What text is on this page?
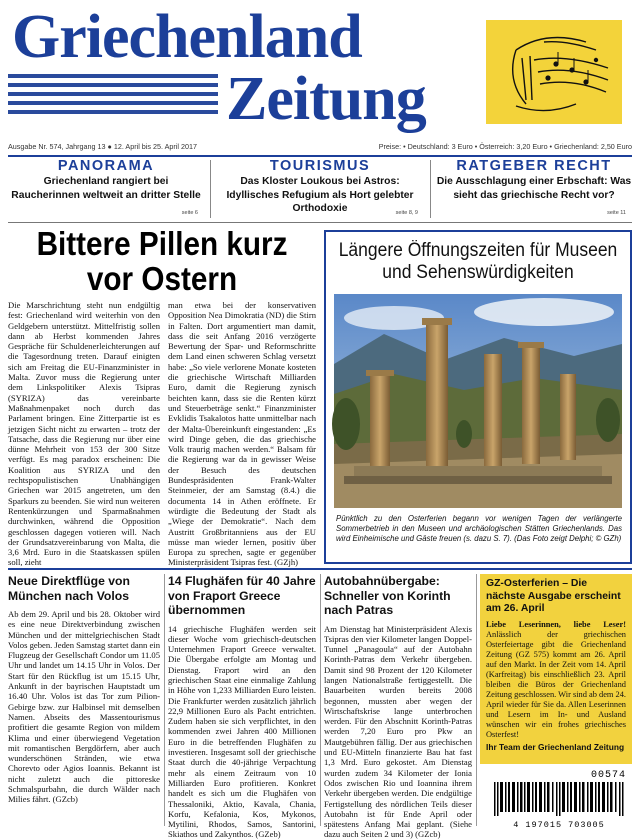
Griechenland
Zeitung
Ausgabe Nr. 574, Jahrgang 13 ● 12. April bis 25. April 2017	Preise: • Deutschland: 3 Euro • Österreich: 3,20 Euro • Griechenland: 2,50 Euro
PANORAMA
Griechenland rangiert bei Raucherinnen weltweit an dritter Stelle
seite 6
TOURISMUS
Das Kloster Loukous bei Astros: Idyllisches Refugium als Hort gelebter Orthodoxie	seite 8, 9
RATGEBER RECHT
Die Ausschlagung einer Erbschaft: Was sieht das griechische Recht vor?
seite 11
Bittere Pillen kurz vor Ostern
Die Marschrichtung steht nun endgültig fest: Griechenland wird weiterhin von den Geldgebern unterstützt. Mittelfristig sollen dann ab Herbst kommenden Jahres Gespräche für Schuldenerleichterungen auf die Tagesordnung treten. Darauf einigten sich am Freitag die EU-Finanzminister in Malta. Zuvor muss die Regierung unter dem Linkspolitiker Alexis Tsipras (SYRIZA) das vereinbarte Maßnahmenpaket noch durch das Parlament bringen. Eine Zitterpartie ist es jetzigen Sicht nicht zu erwarten – trotz der Tatsache, dass die Regierung nur über eine dünne Mehrheit von 153 der 300 Sitze verfügt. Es mag paradox erscheinen: Die Koalition aus SYRIZA und den rechtspopulistischen Unabhängigen Griechen war 2015 angetreten, um den Sparkurs zu beenden. Sie wird nun weiteren Rentenkürzungen und Sparmaßnahmen durchwinken, während die Opposition geschlossen dagegen votieren will. Nach der Grundsatzvereinbarung von Malta, die 3,6 Mrd. Euro in die Staatskassen spülen soll, zieht
man etwa bei der konservativen Opposition Nea Dimokratia (ND) die Stirn in Falten. Dort argumentiert man damit, dass die seit Anfang 2016 verzögerte Bewertung der Spar- und Reformschritte dem Land einen schweren Schlag versetzt habe: „So viele verlorene Monate kosteten die griechische Wirtschaft Milliarden Euro, damit die Regierung zynisch beichten kann, dass sie die Renten kürzt und Steuerbeträge senkt.“ Finanzminister Evklidis Tsakalotos hatte unmittelbar nach der Malta-Übereinkunft eingestanden: „Es wird Dinge geben, die das griechische Volk traurig machen werden.“ Balsam für die Regierung war da in gewisser Weise der Besuch des deutschen Bundespräsidenten Frank-Walter Steinmeier, der am Samstag (8.4.) die documenta 14 in Athen eröffnete. Er würdigte die Bedeutung der Stadt als „Wiege der Demokratie“. Nach dem Austritt Großbritanniens aus der EU müsse man wieder lernen, positiv über Europa zu sprechen, sagte er gegenüber Ministerpräsident Tsipras fest. (GZjh)
Längere Öffnungszeiten für Museen und Sehenswürdigkeiten
Pünktlich zu den Osterferien begann vor wenigen Tagen der verlängerte Sommerbetrieb in den Museen und archäologischen Stätten Griechenlands. Das wird Einheimische und Gäste freuen (s. dazu S. 7). (Das Foto zeigt Delphi; © GZh)
Neue Direktflüge von München nach Volos
Ab dem 29. April und bis 28. Oktober wird es eine neue Direktverbindung zwischen München und der mittelgriechischen Stadt Volos geben. Jeden Samstag startet dann ein Flugzeug der Gesellschaft Condor um 11.05 Uhr und landet um 14.15 Uhr in Volos. Der Start für den Rückflug ist um 15.15 Uhr, Ankunft in der bayrischen Hauptstadt um 16.40 Uhr. Volos ist das Tor zum Pilion-Gebirge bzw. zur Halbinsel mit demselben Namen. Abseits des Massentourismus profitiert die gesamte Region von mildem Klima und einer überwiegend Vegetation mit romantischen Bergdörfern, aber auch wunderschönen Stränden, wie etwa Chorevto oder Agios Ioannis. Bekannt ist nicht zuletzt auch die pittoreske Schmalspurbahn, die durch Wälder nach Milies fährt. (GZcb)
14 Flughäfen für 40 Jahre von Fraport Greece übernommen
14 griechische Flughäfen werden seit dieser Woche vom griechisch-deutschen Unternehmen Fraport Greece verwaltet. Die Übergabe erfolgte am Montag und Dienstag. Fraport wird an den griechischen Staat eine einmalige Zahlung in Höhe von 1,233 Milliarden Euro leisten. Die Frankfurter werden zusätzlich jährlich 22,9 Millionen Euro als Pacht entrichten. Zudem haben sie sich verpflichtet, in den kommenden zwei Jahren 400 Millionen Euro in die betreffenden Flughäfen zu investieren. Insgesamt soll der griechische Staat durch die 40-jährige Verpachtung mehr als einem Zeitraum von 10 Milliarden Euro profitieren. Konkret handelt es sich um die Flughäfen von Thessaloniki, Aktio, Kavala, Chania, Korfu, Kefalonia, Kos, Mykonos, Mytilini, Rhodos, Samos, Santorini, Skiathos und Zakynthos. (GZeb)
Autobahnübergabe: Schneller von Korinth nach Patras
Am Dienstag hat Ministerpräsident Alexis Tsipras den vier Kilometer langen Doppel-Tunnel „Panagoula“ auf der Autobahn Korinth-Patras dem Verkehr übergeben. Damit sind 98 Prozent der 120 Kilometer langen Nationalstraße fertiggestellt. Die Bauarbeiten wurden bereits 2008 begonnen, mussten aber wegen der Wirtschaftskrise lange unterbrochen werden. Für den Abschnitt Korinth-Patras werden 7,20 Euro pro Pkw an Mautgebühren fällig. Der aus griechischen und EU-Mitteln finanzierte Bau hat fast 1,3 Mrd. Euro gekostet. Am Dienstag wurden zudem 34 Kilometer der Ionia Odos zwischen Rio und Ioannina ihrem Verkehr übergeben werden. Die endgültige Fertigstellung des nördlichen Teils dieser Autobahn ist für Ende April oder spätestens Anfang Mai geplant. (Siehe dazu auch Seiten 2 und 3) (GZcb)
GZ-Osterferien – Die nächste Ausgabe erscheint am 26. April
Liebe Leserinnen, liebe Leser! Anlässlich der griechischen Osterfeiertage gibt die Griechenland Zeitung (GZ 575) kommt am 26. April auf den Markt. In der Zeit vom 14. April (Karfreitag) bis einschließlich 23. April bleiben die Büros der Griechenland Zeitung geschlossen. Wir sind ab dem 24. April wieder für Sie da. Allen Leserinnen und Lesern im In- und Ausland wünschen wir ein frohes griechisches Osterfest!
Ihr Team der Griechenland Zeitung
00574
4 197015 703005
